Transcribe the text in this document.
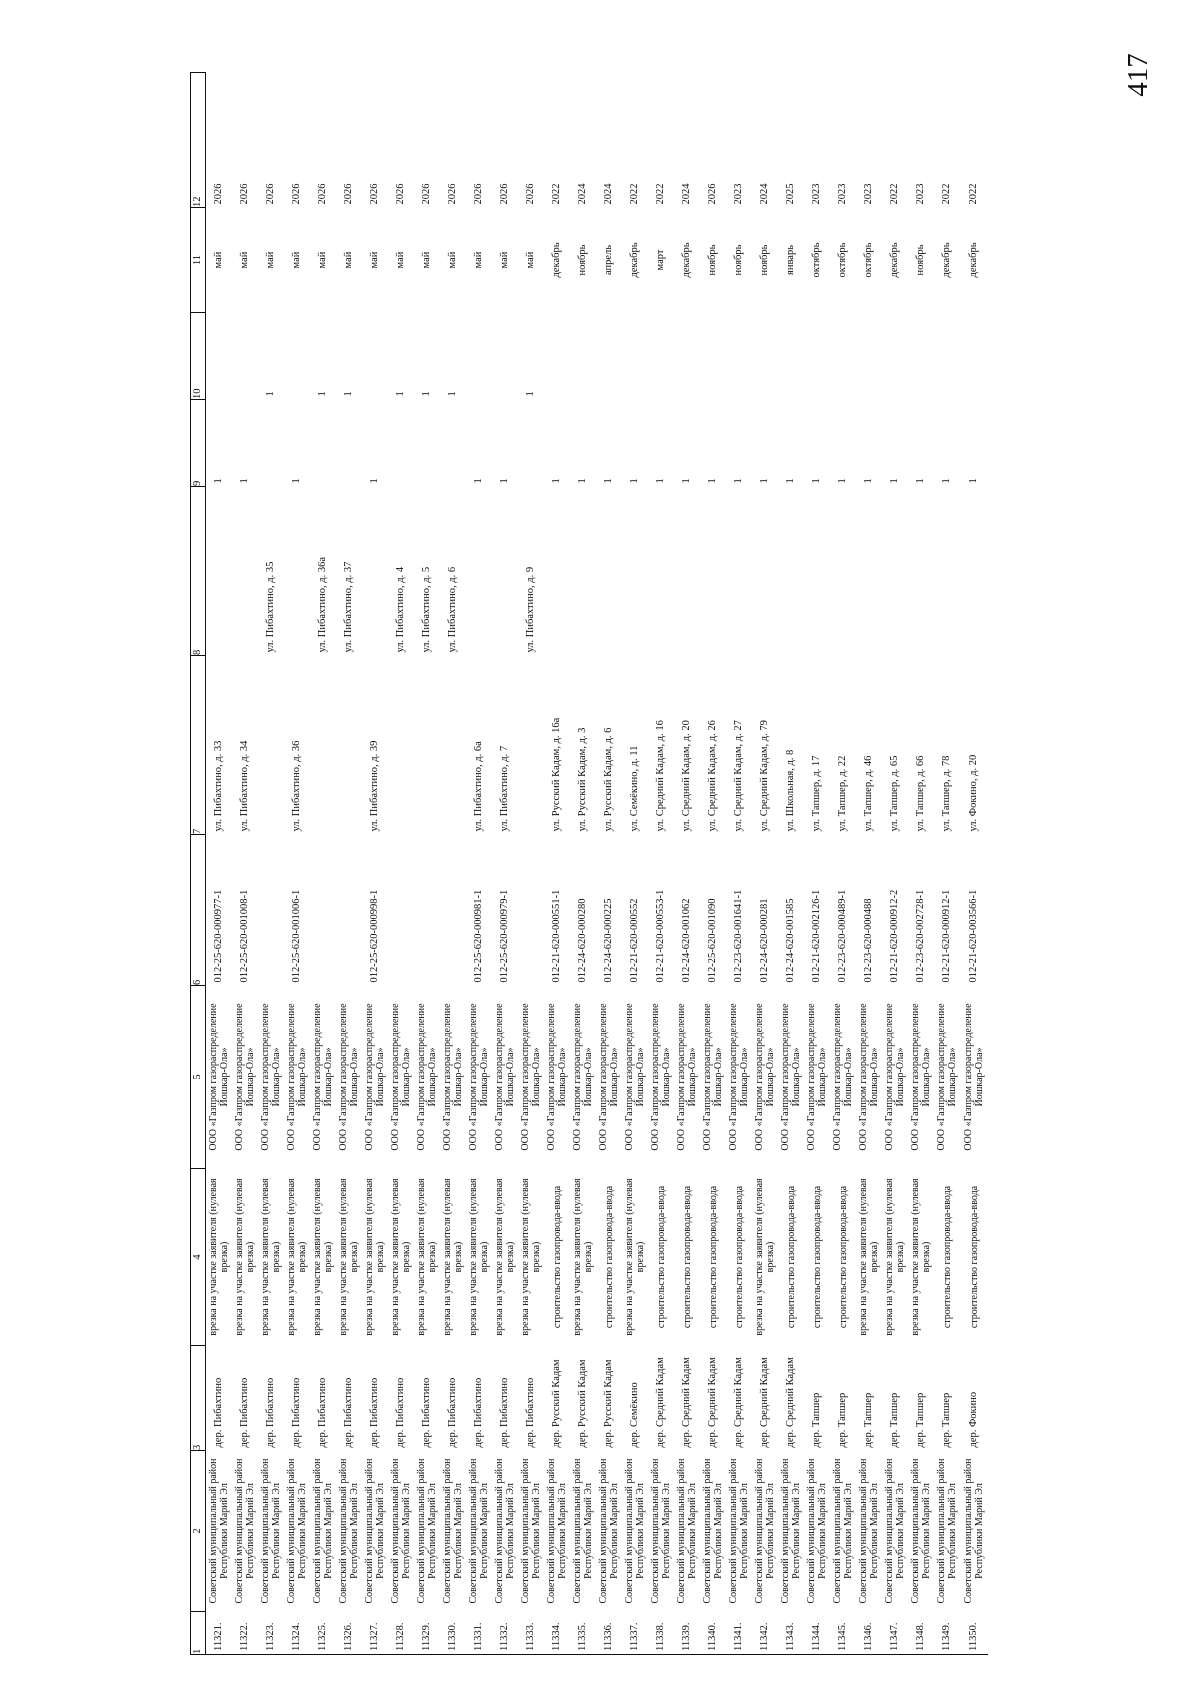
417
1	2	3	4	5	6	7	8	9	10	11	12
11321.	Советский муниципальный район Республики Марий Эл	дер. Пибахтино	врезка на участке заявителя (нулевая врезка)	ООО «Газпром газораспределение Йошкар-Ола»	012-25-620-000977-1	ул. Пибахтино, д. 33		1		май	2026
11322.	Советский муниципальный район Республики Марий Эл	дер. Пибахтино	врезка на участке заявителя (нулевая врезка)	ООО «Газпром газораспределение Йошкар-Ола»	012-25-620-001008-1	ул. Пибахтино, д. 34		1		май	2026
11323.	Советский муниципальный район Республики Марий Эл	дер. Пибахтино	врезка на участке заявителя (нулевая врезка)	ООО «Газпром газораспределение Йошкар-Ола»			ул. Пибахтино, д. 35		1	май	2026
11324.	Советский муниципальный район Республики Марий Эл	дер. Пибахтино	врезка на участке заявителя (нулевая врезка)	ООО «Газпром газораспределение Йошкар-Ола»	012-25-620-001006-1	ул. Пибахтино, д. 36		1		май	2026
11325.	Советский муниципальный район Республики Марий Эл	дер. Пибахтино	врезка на участке заявителя (нулевая врезка)	ООО «Газпром газораспределение Йошкар-Ола»			ул. Пибахтино, д. 36а		1	май	2026
11326.	Советский муниципальный район Республики Марий Эл	дер. Пибахтино	врезка на участке заявителя (нулевая врезка)	ООО «Газпром газораспределение Йошкар-Ола»			ул. Пибахтино, д. 37		1	май	2026
11327.	Советский муниципальный район Республики Марий Эл	дер. Пибахтино	врезка на участке заявителя (нулевая врезка)	ООО «Газпром газораспределение Йошкар-Ола»	012-25-620-000998-1	ул. Пибахтино, д. 39		1		май	2026
11328.	Советский муниципальный район Республики Марий Эл	дер. Пибахтино	врезка на участке заявителя (нулевая врезка)	ООО «Газпром газораспределение Йошкар-Ола»			ул. Пибахтино, д. 4		1	май	2026
11329.	Советский муниципальный район Республики Марий Эл	дер. Пибахтино	врезка на участке заявителя (нулевая врезка)	ООО «Газпром газораспределение Йошкар-Ола»			ул. Пибахтино, д. 5		1	май	2026
11330.	Советский муниципальный район Республики Марий Эл	дер. Пибахтино	врезка на участке заявителя (нулевая врезка)	ООО «Газпром газораспределение Йошкар-Ола»			ул. Пибахтино, д. 6		1	май	2026
11331.	Советский муниципальный район Республики Марий Эл	дер. Пибахтино	врезка на участке заявителя (нулевая врезка)	ООО «Газпром газораспределение Йошкар-Ола»	012-25-620-000981-1	ул. Пибахтино, д. 6а		1		май	2026
11332.	Советский муниципальный район Республики Марий Эл	дер. Пибахтино	врезка на участке заявителя (нулевая врезка)	ООО «Газпром газораспределение Йошкар-Ола»	012-25-620-000979-1	ул. Пибахтино, д. 7		1		май	2026
11333.	Советский муниципальный район Республики Марий Эл	дер. Пибахтино	врезка на участке заявителя (нулевая врезка)	ООО «Газпром газораспределение Йошкар-Ола»			ул. Пибахтино, д. 9		1	май	2026
11334.	Советский муниципальный район Республики Марий Эл	дер. Русский Кадам	строительство газопровода-ввода	ООО «Газпром газораспределение Йошкар-Ола»	012-21-620-000551-1	ул. Русский Кадам, д. 16а		1		декабрь	2022
11335.	Советский муниципальный район Республики Марий Эл	дер. Русский Кадам	врезка на участке заявителя (нулевая врезка)	ООО «Газпром газораспределение Йошкар-Ола»	012-24-620-000280	ул. Русский Кадам, д. 3		1		ноябрь	2024
11336.	Советский муниципальный район Республики Марий Эл	дер. Русский Кадам	строительство газопровода-ввода	ООО «Газпром газораспределение Йошкар-Ола»	012-24-620-000225	ул. Русский Кадам, д. 6		1		апрель	2024
11337.	Советский муниципальный район Республики Марий Эл	дер. Семёкино	врезка на участке заявителя (нулевая врезка)	ООО «Газпром газораспределение Йошкар-Ола»	012-21-620-000552	ул. Семёкино, д. 11		1		декабрь	2022
11338.	Советский муниципальный район Республики Марий Эл	дер. Средний Кадам	строительство газопровода-ввода	ООО «Газпром газораспределение Йошкар-Ола»	012-21-620-000553-1	ул. Средний Кадам, д. 16		1		март	2022
11339.	Советский муниципальный район Республики Марий Эл	дер. Средний Кадам	строительство газопровода-ввода	ООО «Газпром газораспределение Йошкар-Ола»	012-24-620-001062	ул. Средний Кадам, д. 20		1		декабрь	2024
11340.	Советский муниципальный район Республики Марий Эл	дер. Средний Кадам	строительство газопровода-ввода	ООО «Газпром газораспределение Йошкар-Ола»	012-25-620-001090	ул. Средний Кадам, д. 26		1		ноябрь	2026
11341.	Советский муниципальный район Республики Марий Эл	дер. Средний Кадам	строительство газопровода-ввода	ООО «Газпром газораспределение Йошкар-Ола»	012-23-620-001641-1	ул. Средний Кадам, д. 27		1		ноябрь	2023
11342.	Советский муниципальный район Республики Марий Эл	дер. Средний Кадам	врезка на участке заявителя (нулевая врезка)	ООО «Газпром газораспределение Йошкар-Ола»	012-24-620-000281	ул. Средний Кадам, д. 79		1		ноябрь	2024
11343.	Советский муниципальный район Республики Марий Эл	дер. Средний Кадам	строительство газопровода-ввода	ООО «Газпром газораспределение Йошкар-Ола»	012-24-620-001585	ул. Школьная, д. 8		1		январь	2025
11344.	Советский муниципальный район Республики Марий Эл	дер. Тапшер	строительство газопровода-ввода	ООО «Газпром газораспределение Йошкар-Ола»	012-21-620-002126-1	ул. Тапшер, д. 17		1		октябрь	2023
11345.	Советский муниципальный район Республики Марий Эл	дер. Тапшер	строительство газопровода-ввода	ООО «Газпром газораспределение Йошкар-Ола»	012-23-620-000489-1	ул. Тапшер, д. 22		1		октябрь	2023
11346.	Советский муниципальный район Республики Марий Эл	дер. Тапшер	врезка на участке заявителя (нулевая врезка)	ООО «Газпром газораспределение Йошкар-Ола»	012-23-620-000488	ул. Тапшер, д. 46		1		октябрь	2023
11347.	Советский муниципальный район Республики Марий Эл	дер. Тапшер	врезка на участке заявителя (нулевая врезка)	ООО «Газпром газораспределение Йошкар-Ола»	012-21-620-000912-2	ул. Тапшер, д. 65		1		декабрь	2022
11348.	Советский муниципальный район Республики Марий Эл	дер. Тапшер	врезка на участке заявителя (нулевая врезка)	ООО «Газпром газораспределение Йошкар-Ола»	012-23-620-002728-1	ул. Тапшер, д. 66		1		ноябрь	2023
11349.	Советский муниципальный район Республики Марий Эл	дер. Тапшер	строительство газопровода-ввода	ООО «Газпром газораспределение Йошкар-Ола»	012-21-620-000912-1	ул. Тапшер, д. 78		1		декабрь	2022
11350.	Советский муниципальный район Республики Марий Эл	дер. Фокино	строительство газопровода-ввода	ООО «Газпром газораспределение Йошкар-Ола»	012-21-620-003566-1	ул. Фокино, д. 20		1		декабрь	2022
